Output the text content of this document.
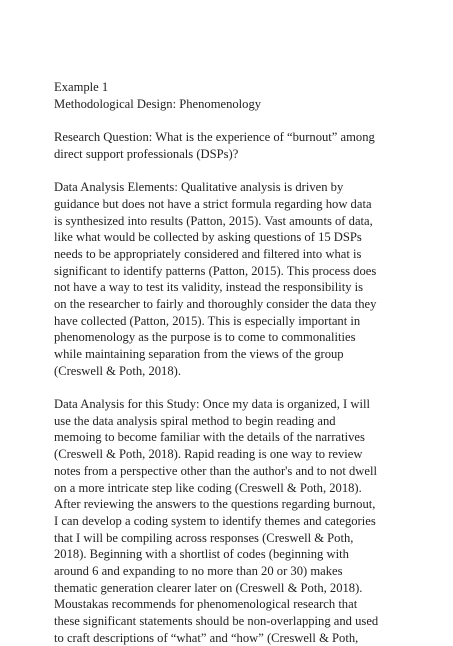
Example 1
Methodological Design: Phenomenology
Research Question: What is the experience of “burnout” among
direct support professionals (DSPs)?
Data Analysis Elements: Qualitative analysis is driven by
guidance but does not have a strict formula regarding how data
is synthesized into results (Patton, 2015). Vast amounts of data,
like what would be collected by asking questions of 15 DSPs
needs to be appropriately considered and filtered into what is
significant to identify patterns (Patton, 2015). This process does
not have a way to test its validity, instead the responsibility is
on the researcher to fairly and thoroughly consider the data they
have collected (Patton, 2015). This is especially important in
phenomenology as the purpose is to come to commonalities
while maintaining separation from the views of the group
(Creswell & Poth, 2018).
Data Analysis for this Study: Once my data is organized, I will
use the data analysis spiral method to begin reading and
memoing to become familiar with the details of the narratives
(Creswell & Poth, 2018). Rapid reading is one way to review
notes from a perspective other than the author's and to not dwell
on a more intricate step like coding (Creswell & Poth, 2018).
After reviewing the answers to the questions regarding burnout,
I can develop a coding system to identify themes and categories
that I will be compiling across responses (Creswell & Poth,
2018). Beginning with a shortlist of codes (beginning with
around 6 and expanding to no more than 20 or 30) makes
thematic generation clearer later on (Creswell & Poth, 2018).
Moustakas recommends for phenomenological research that
these significant statements should be non-overlapping and used
to craft descriptions of “what” and “how” (Creswell & Poth,
